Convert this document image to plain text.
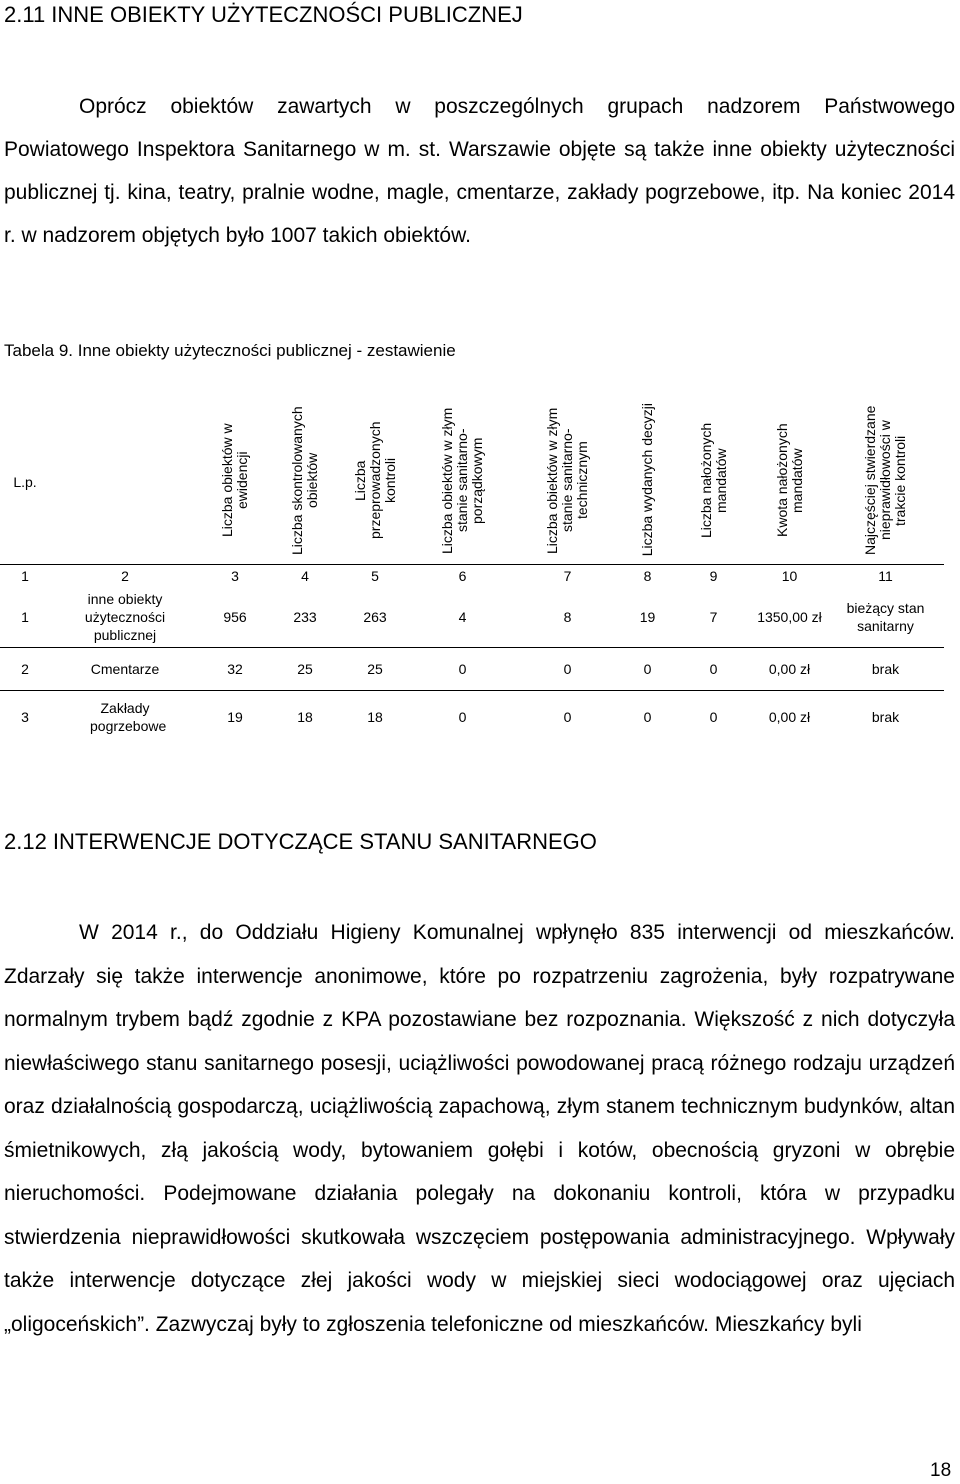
2.11 INNE OBIEKTY UŻYTECZNOŚCI PUBLICZNEJ

Oprócz obiektów zawartych w poszczególnych grupach nadzorem Państwowego Powiatowego Inspektora Sanitarnego w m. st. Warszawie objęte są także inne obiekty użyteczności publicznej tj. kina, teatry, pralnie wodne, magle, cmentarze, zakłady pogrzebowe, itp. Na koniec 2014 r. w nadzorem objętych było 1007 takich obiektów.

Tabela 9. Inne obiekty użyteczności publicznej - zestawienie

L.p.		Liczba obiektów w ewidencji	Liczba skontrolowanych obiektów	Liczba przeprowadzonych kontroli	Liczba obiektów w złym stanie sanitarno-porządkowym	Liczba obiektów w złym stanie sanitarno-technicznym	Liczba wydanych decyzji	Liczba nałożonych mandatów	Kwota nałożonych mandatów	Najczęściej stwierdzane nieprawidłowości w trakcie kontroli
1	2	3	4	5	6	7	8	9	10	11
1	inne obiekty użyteczności publicznej	956	233	263	4	8	19	7	1350,00 zł	bieżący stan sanitarny
2	Cmentarze	32	25	25	0	0	0	0	0,00 zł	brak
3	Zakłady pogrzebowe	19	18	18	0	0	0	0	0,00 zł	brak
2.12 INTERWENCJE DOTYCZĄCE STANU SANITARNEGO

W 2014 r., do Oddziału Higieny Komunalnej wpłynęło 835 interwencji od mieszkańców. Zdarzały się także interwencje anonimowe, które po rozpatrzeniu zagrożenia, były rozpatrywane normalnym trybem bądź zgodnie z KPA pozostawiane bez rozpoznania. Większość z nich dotyczyła niewłaściwego stanu sanitarnego posesji, uciążliwości powodowanej pracą różnego rodzaju urządzeń oraz działalnością gospodarczą, uciążliwością zapachową, złym stanem technicznym budynków, altan śmietnikowych, złą jakością wody, bytowaniem gołębi i kotów, obecnością gryzoni w obrębie nieruchomości. Podejmowane działania polegały na dokonaniu kontroli, która w przypadku stwierdzenia nieprawidłowości skutkowała wszczęciem postępowania administracyjnego. Wpływały także interwencje dotyczące złej jakości wody w miejskiej sieci wodociągowej oraz ujęciach „oligoceńskich”. Zazwyczaj były to zgłoszenia telefoniczne od mieszkańców. Mieszkańcy byli

18
